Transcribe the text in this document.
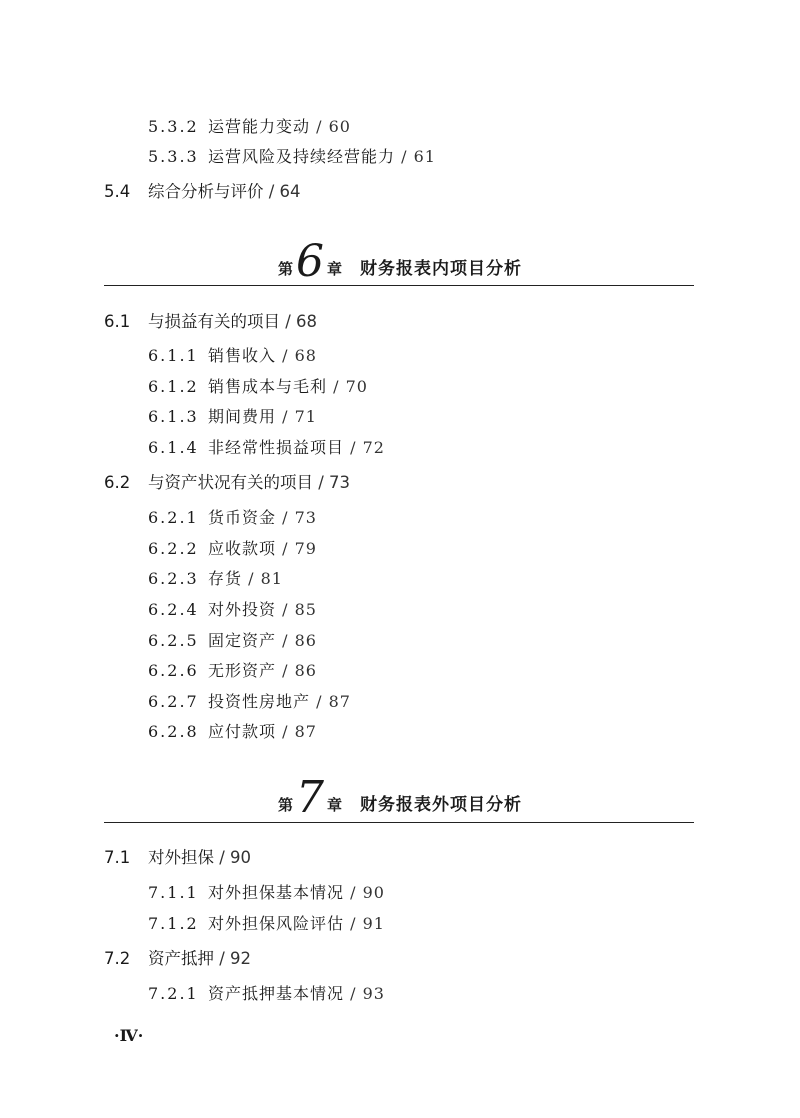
5.3.2 运营能力变动 / 60
5.3.3 运营风险及持续经营能力 / 61
5.4 综合分析与评价 / 64
第6 章 财务报表内项目分析
6.1 与损益有关的项目 / 68
6.1.1 销售收入 / 68
6.1.2 销售成本与毛利 / 70
6.1.3 期间费用 / 71
6.1.4 非经常性损益项目 / 72
6.2 与资产状况有关的项目 / 73
6.2.1 货币资金 / 73
6.2.2 应收款项 / 79
6.2.3 存货 / 81
6.2.4 对外投资 / 85
6.2.5 固定资产 / 86
6.2.6 无形资产 / 86
6.2.7 投资性房地产 / 87
6.2.8 应付款项 / 87
第7 章 财务报表外项目分析
7.1 对外担保 / 90
7.1.1 对外担保基本情况 / 90
7.1.2 对外担保风险评估 / 91
7.2 资产抵押 / 92
7.2.1 资产抵押基本情况 / 93
·Ⅳ·
